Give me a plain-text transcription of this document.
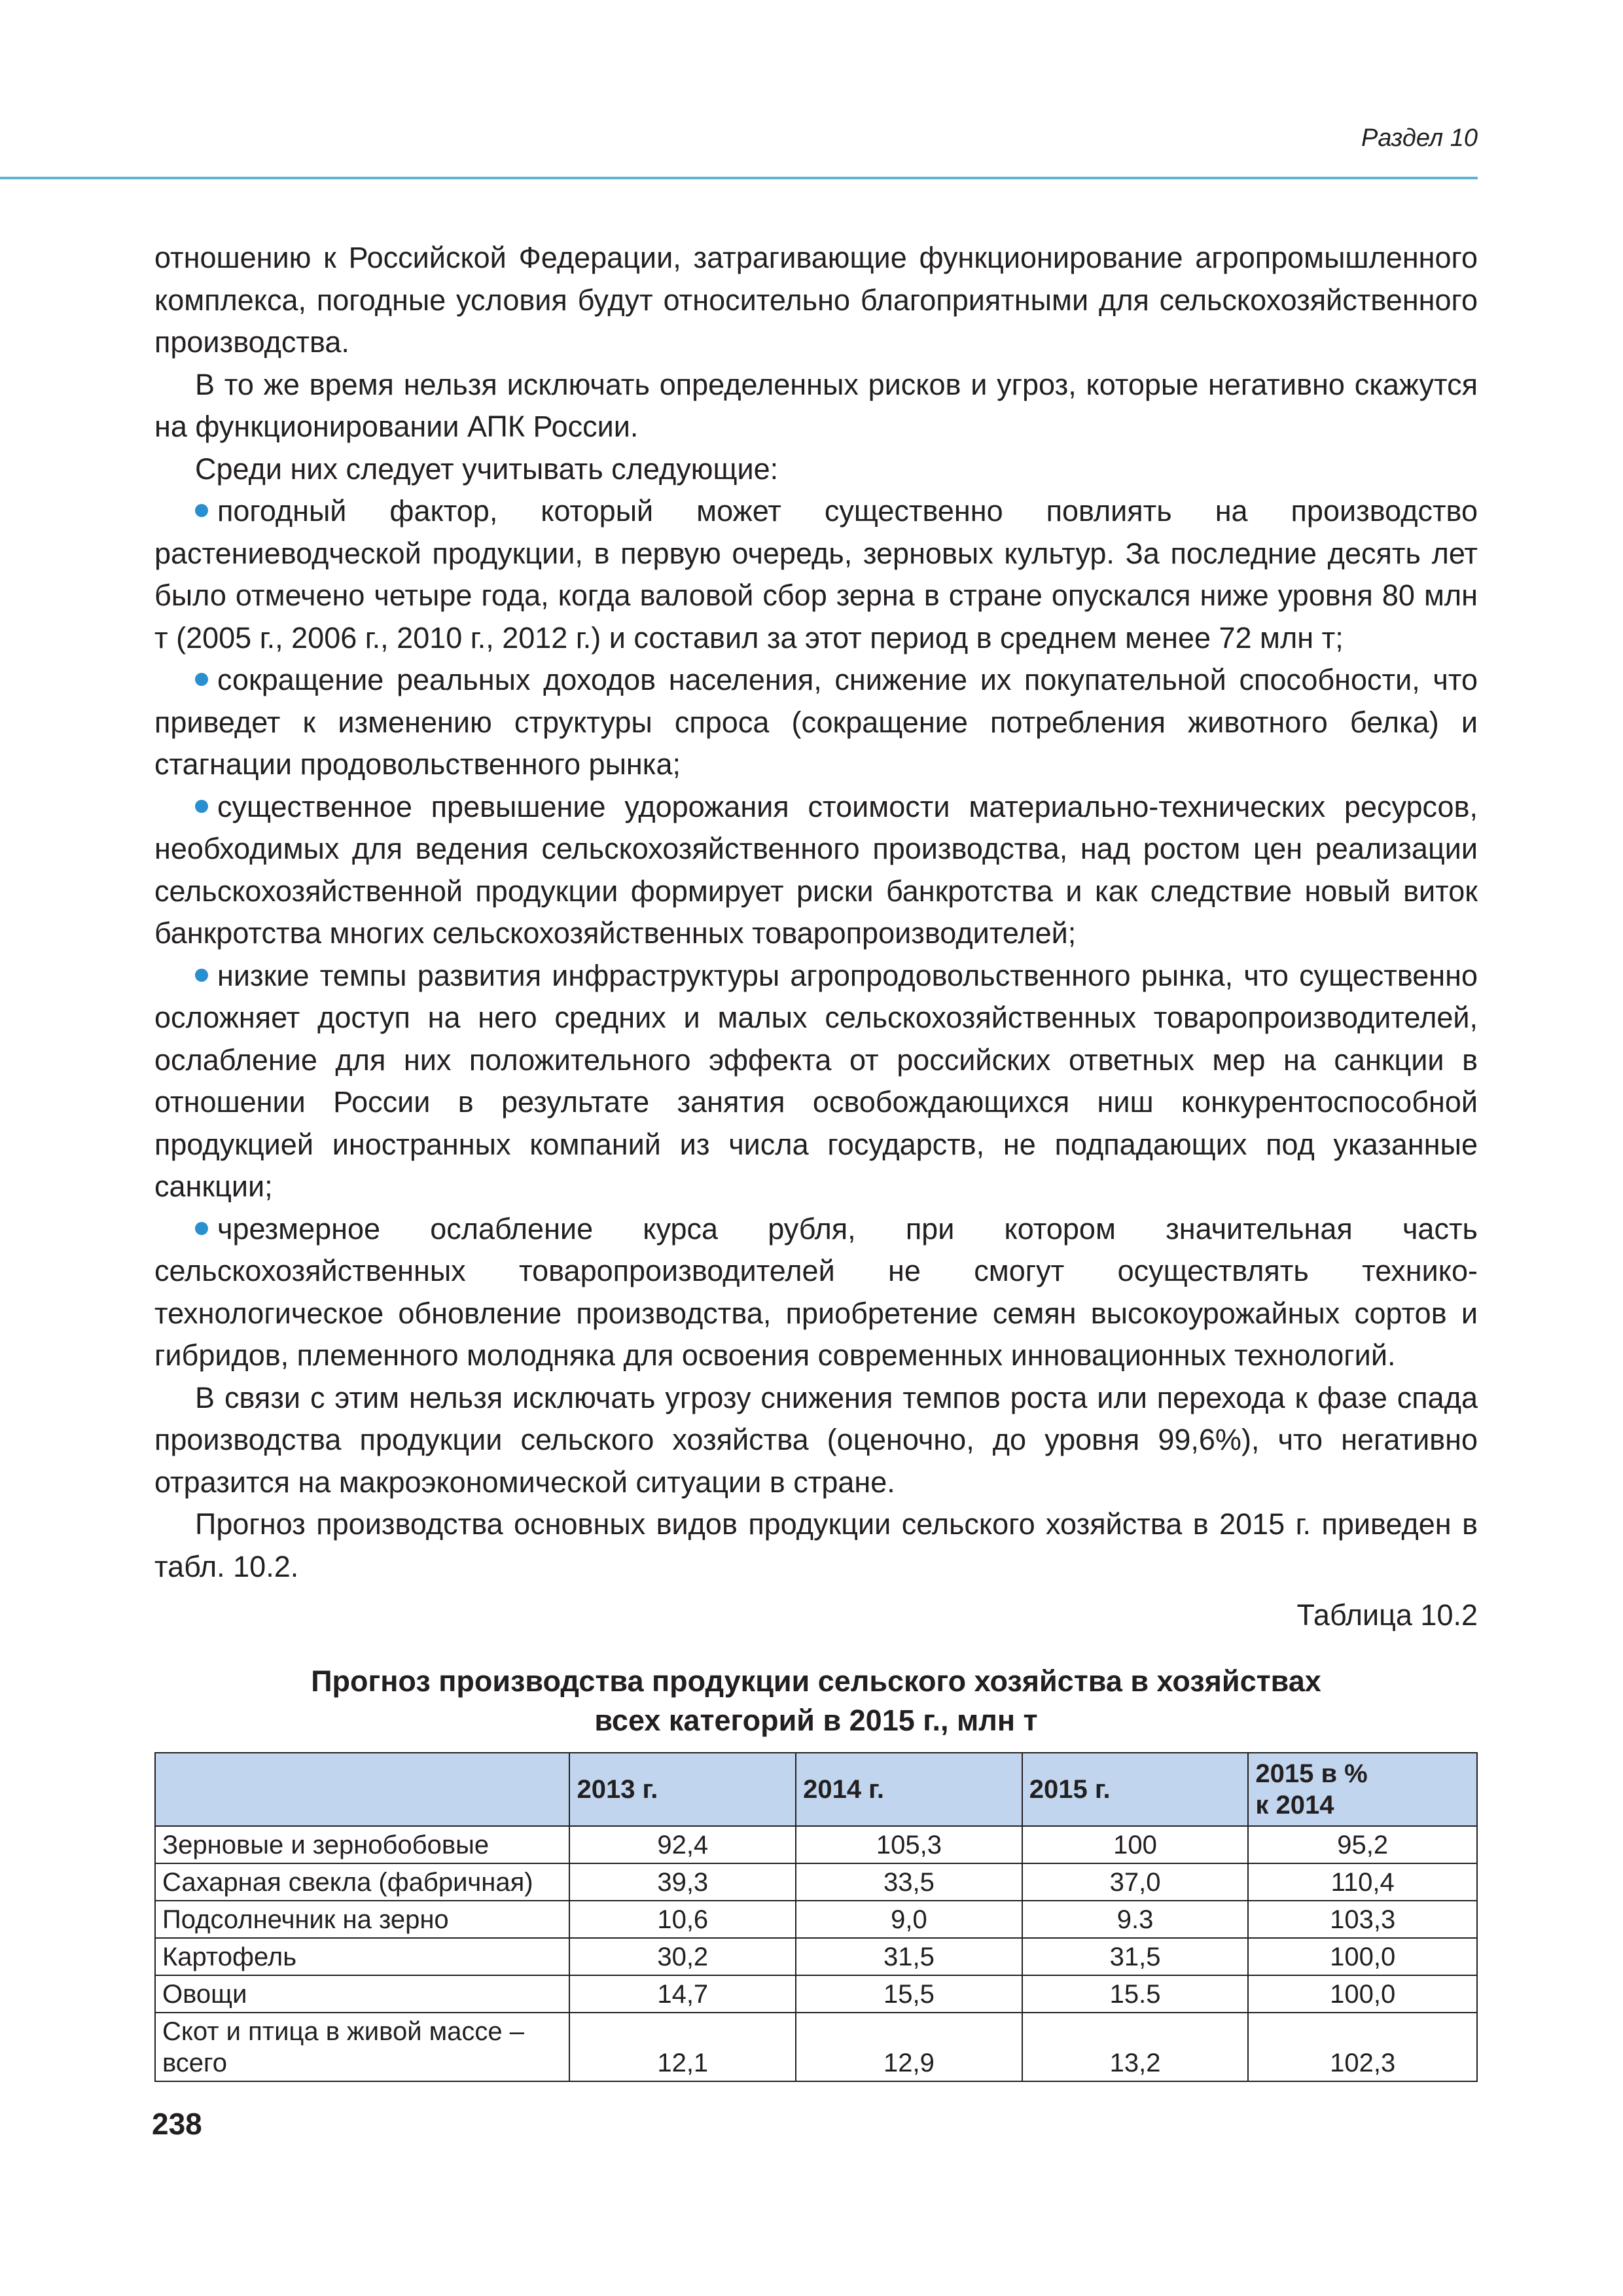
Раздел 10

отношению к Российской Федерации, затрагивающие функционирование агропромышленного комплекса, погодные условия будут относительно благоприятными для сельскохозяйственного производства.

В то же время нельзя исключать определенных рисков и угроз, которые негативно скажутся на функционировании АПК России.

Среди них следует учитывать следующие:

погодный фактор, который может существенно повлиять на производство растениеводческой продукции, в первую очередь, зерновых культур. За последние десять лет было отмечено четыре года, когда валовой сбор зерна в стране опускался ниже уровня 80 млн т (2005 г., 2006 г., 2010 г., 2012 г.) и составил за этот период в среднем менее 72 млн т;

сокращение реальных доходов населения, снижение их покупательной способности, что приведет к изменению структуры спроса (сокращение потребления животного белка) и стагнации продовольственного рынка;

существенное превышение удорожания стоимости материально-технических ресурсов, необходимых для ведения сельскохозяйственного производства, над ростом цен реализации сельскохозяйственной продукции формирует риски банкротства и как следствие новый виток банкротства многих сельскохозяйственных товаропроизводителей;

низкие темпы развития инфраструктуры агропродовольственного рынка, что существенно осложняет доступ на него средних и малых сельскохозяйственных товаропроизводителей, ослабление для них положительного эффекта от российских ответных мер на санкции в отношении России в результате занятия освобождающихся ниш конкурентоспособной продукцией иностранных компаний из числа государств, не подпадающих под указанные санкции;

чрезмерное ослабление курса рубля, при котором значительная часть сельскохозяйственных товаропроизводителей не смогут осуществлять технико-технологическое обновление производства, приобретение семян высокоурожайных сортов и гибридов, племенного молодняка для освоения современных инновационных технологий.

В связи с этим нельзя исключать угрозу снижения темпов роста или перехода к фазе спада производства продукции сельского хозяйства (оценочно, до уровня 99,6%), что негативно отразится на макроэкономической ситуации в стране.

Прогноз производства основных видов продукции сельского хозяйства в 2015 г. приведен в табл. 10.2.

Таблица 10.2
Прогноз производства продукции сельского хозяйства в хозяйствах
всех категорий в 2015 г., млн т
	2013 г.	2014 г.	2015 г.	2015 в %
к 2014
Зерновые и зернобобовые	92,4	105,3	100	95,2
Сахарная свекла (фабричная)	39,3	33,5	37,0	110,4
Подсолнечник на зерно	10,6	9,0	9.3	103,3
Картофель	30,2	31,5	31,5	100,0
Овощи	14,7	15,5	15.5	100,0
Скот и птица в живой массе –
всего	12,1	12,9	13,2	102,3
238
